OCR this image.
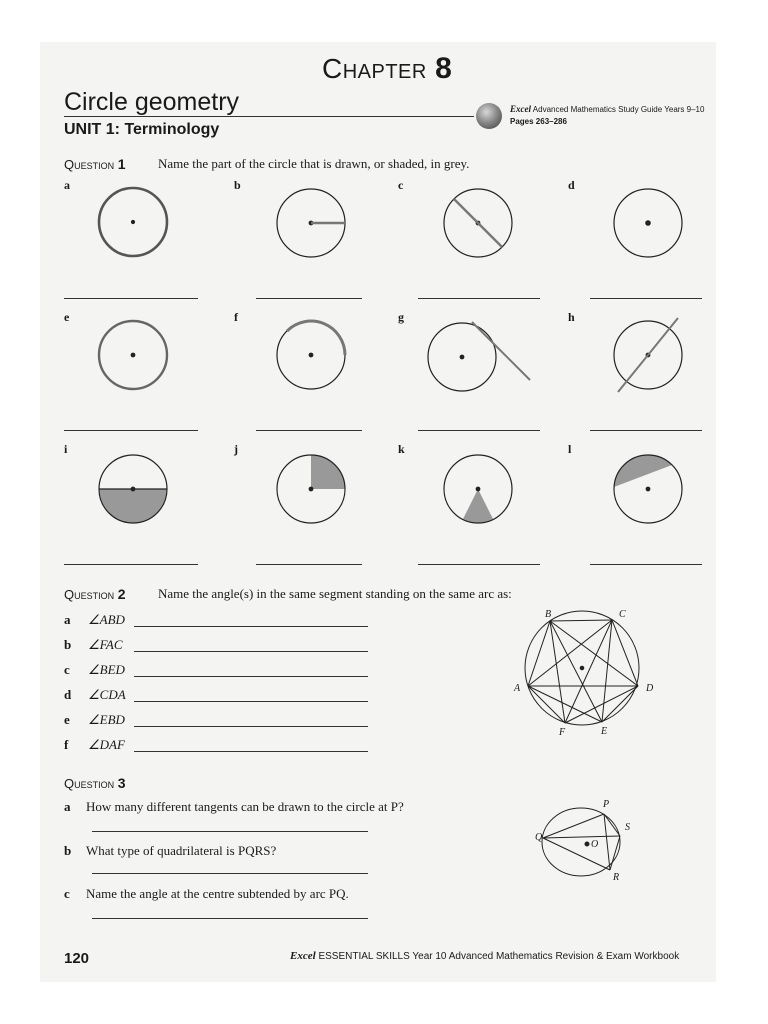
Chapter 8
Circle geometry
UNIT 1: Terminology
Excel Advanced Mathematics Study Guide Years 9–10
Pages 263–286
Question 1 Name the part of the circle that is drawn, or shaded, in grey.
a	b	c	d
e	f	g	h
i	j	k	l
Question 2 Name the angle(s) in the same segment standing on the same arc as:
a ∠ABD
b ∠FAC
c ∠BED
d ∠CDA
e ∠EBD
f ∠DAF
B	C
A	D
F	E
Question 3
a How many different tangents can be drawn to the circle at P?
b What type of quadrilateral is PQRS?
c Name the angle at the centre subtended by arc PQ.
P
Q
S
O
R
120	Excel ESSENTIAL SKILLS Year 10 Advanced Mathematics Revision & Exam Workbook
